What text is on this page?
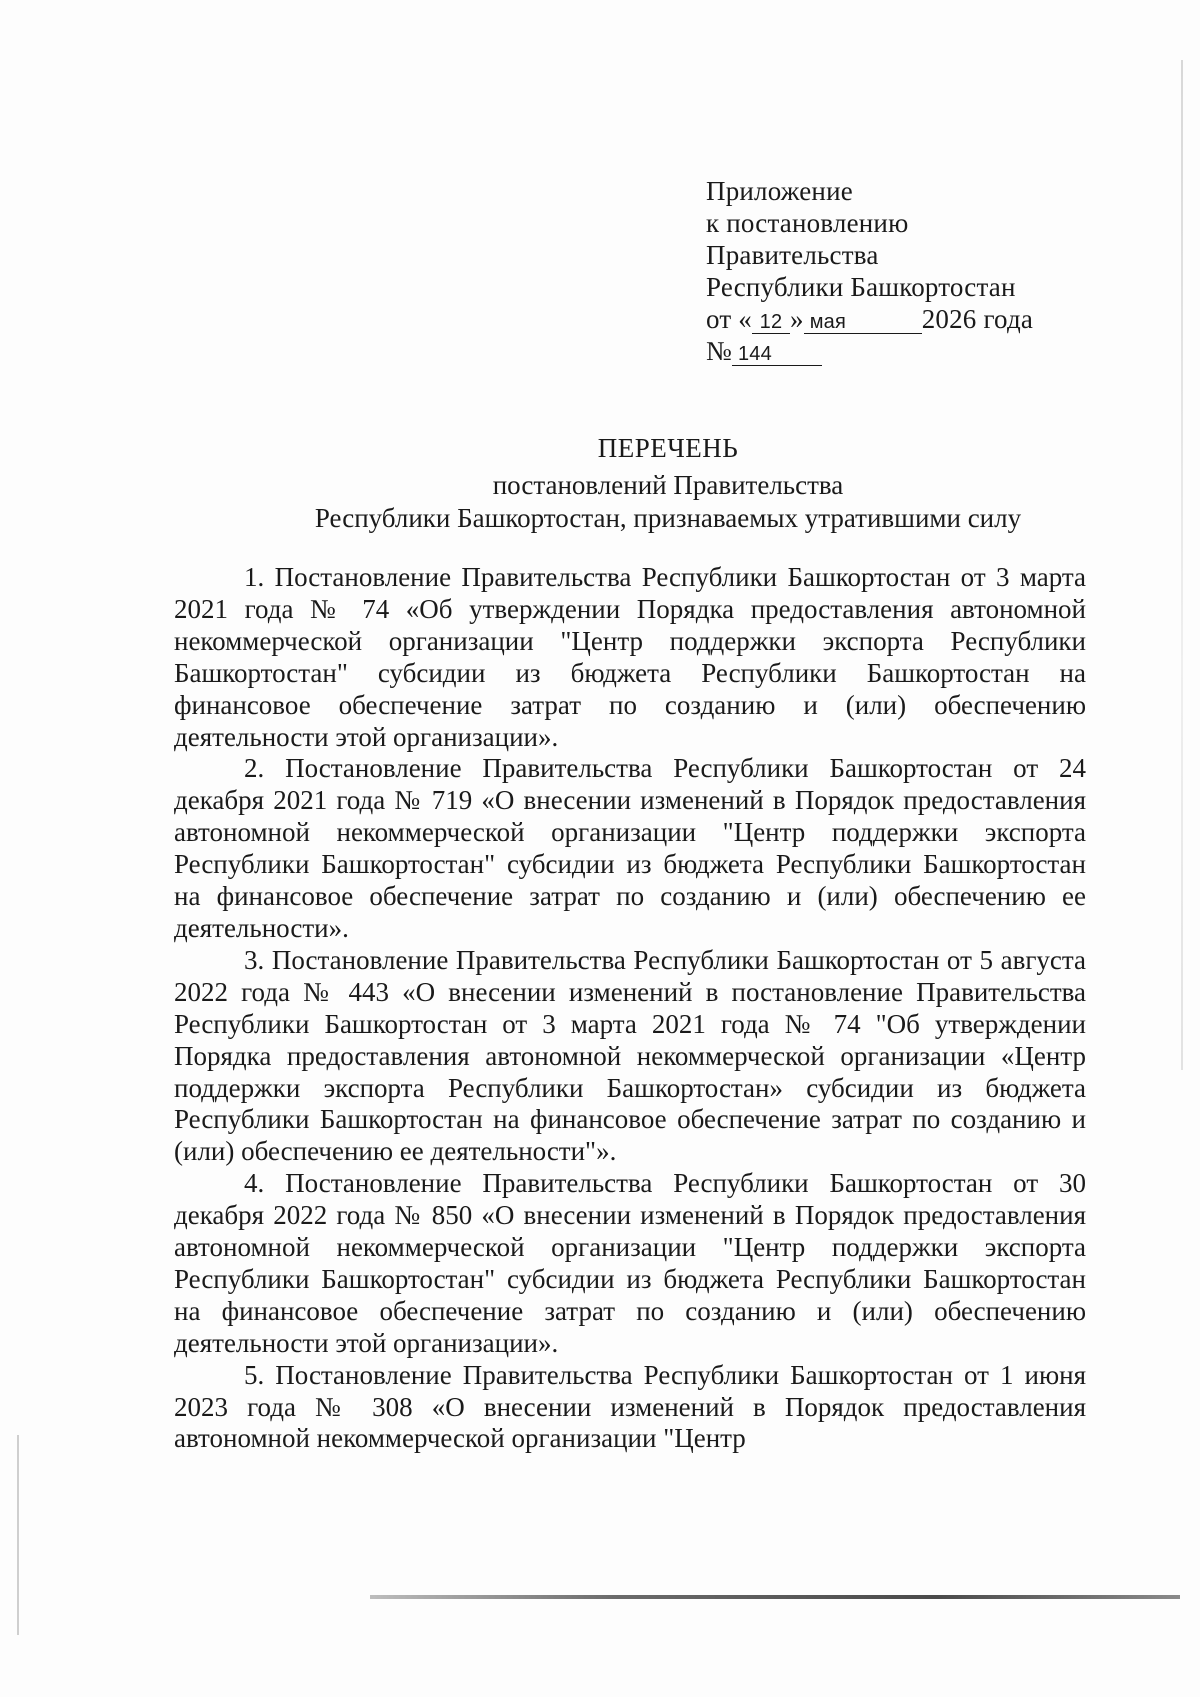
Приложение
к постановлению
Правительства
Республики Башкортостан
от « 12 » мая	2026 года
№ 144
ПЕРЕЧЕНЬ
постановлений Правительства
Республики Башкортостан, признаваемых утратившими силу

1. Постановление Правительства Республики Башкортостан от 3 марта 2021 года № 74 «Об утверждении Порядка предоставления автономной некоммерческой организации "Центр поддержки экспорта Республики Башкортостан" субсидии из бюджета Республики Башкортостан на финансовое обеспечение затрат по созданию и (или) обеспечению деятельности этой организации».

2. Постановление Правительства Республики Башкортостан от 24 декабря 2021 года № 719 «О внесении изменений в Порядок предоставления автономной некоммерческой организации "Центр поддержки экспорта Республики Башкортостан" субсидии из бюджета Республики Башкортостан на финансовое обеспечение затрат по созданию и (или) обеспечению ее деятельности».

3. Постановление Правительства Республики Башкортостан от 5 августа 2022 года № 443 «О внесении изменений в постановление Правительства Республики Башкортостан от 3 марта 2021 года № 74 "Об утверждении Порядка предоставления автономной некоммерческой организации «Центр поддержки экспорта Республики Башкортостан» субсидии из бюджета Республики Башкортостан на финансовое обеспечение затрат по созданию и (или) обеспечению ее деятельности"».

4. Постановление Правительства Республики Башкортостан от 30 декабря 2022 года № 850 «О внесении изменений в Порядок предоставления автономной некоммерческой организации "Центр поддержки экспорта Республики Башкортостан" субсидии из бюджета Республики Башкортостан на финансовое обеспечение затрат по созданию и (или) обеспечению деятельности этой организации».

5. Постановление Правительства Республики Башкортостан от 1 июня 2023 года № 308 «О внесении изменений в Порядок предоставления автономной некоммерческой организации "Центр
